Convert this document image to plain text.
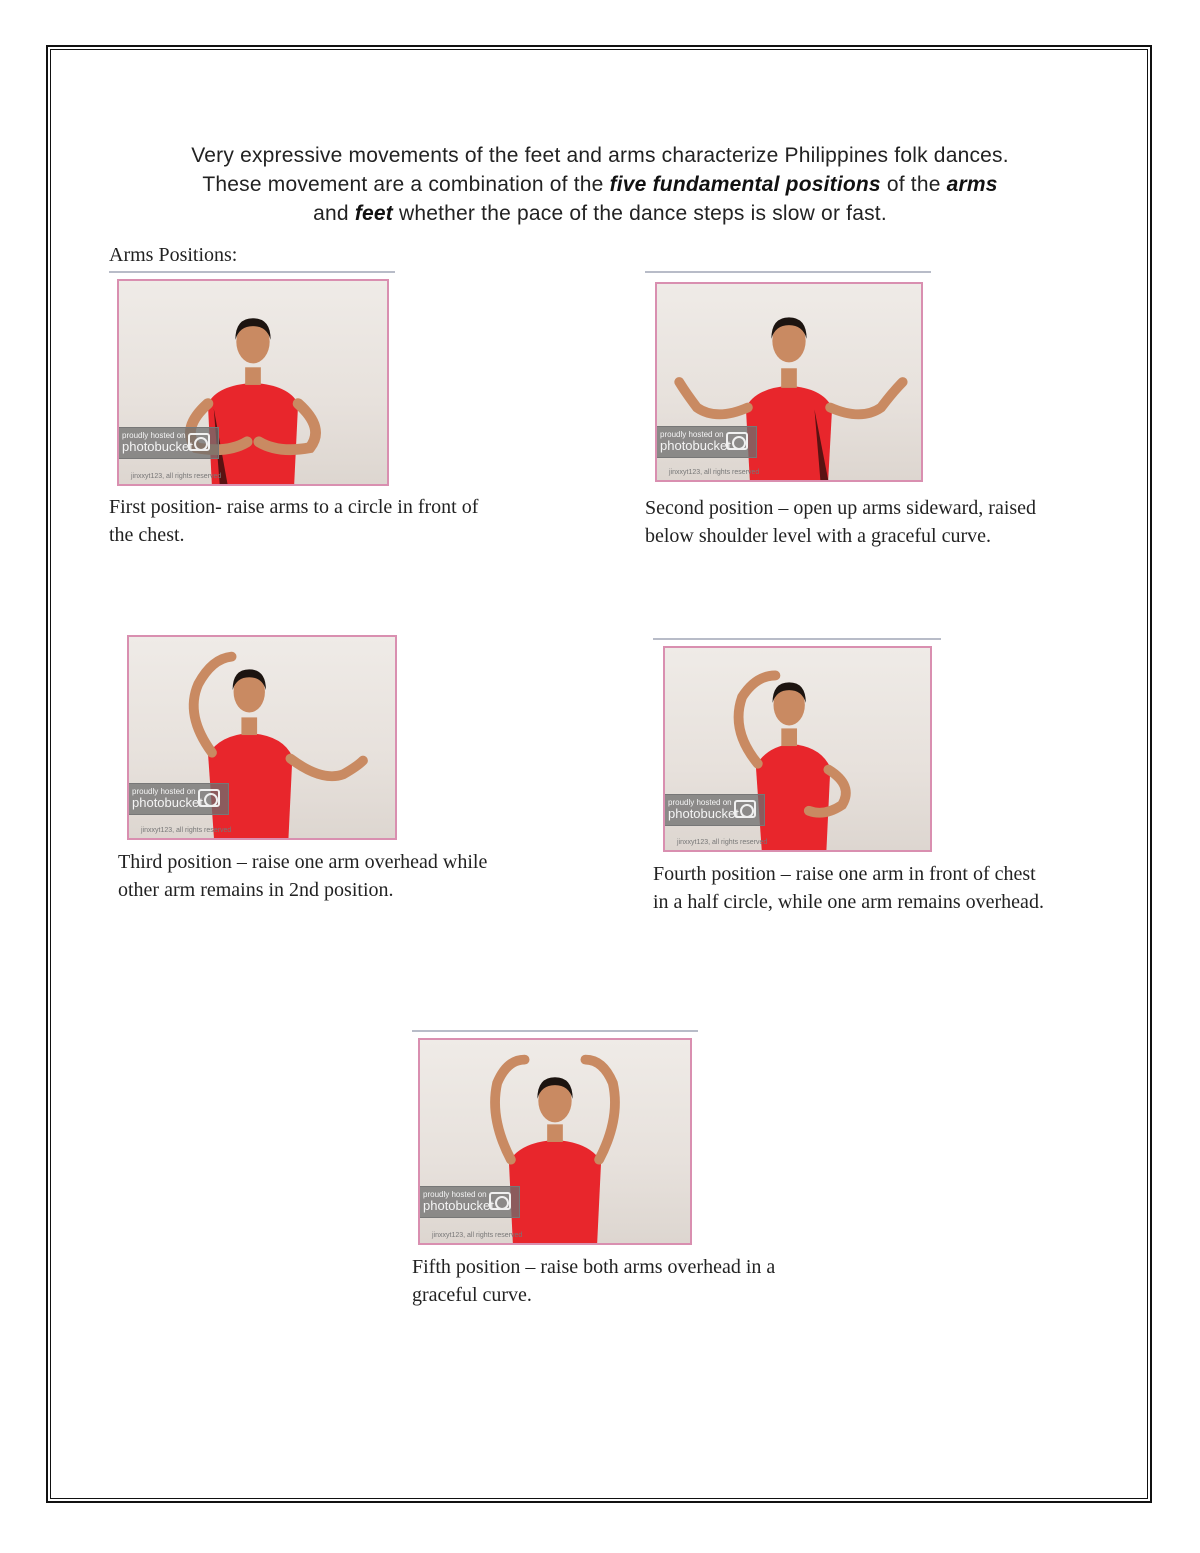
Very expressive movements of the feet and arms characterize Philippines folk dances.
These movement are a combination of the five fundamental positions of the arms
and feet whether the pace of the dance steps is slow or fast.
Arms Positions:
proudly hosted on
photobucket
jinxxyt123, all rights reserved
First position- raise arms to a circle in front of
the chest.
proudly hosted on
photobucket
jinxxyt123, all rights reserved
Second position – open up arms sideward, raised
below shoulder level with a graceful curve.
proudly hosted on
photobucket
jinxxyt123, all rights reserved
Third position – raise one arm overhead while
other arm remains in 2nd position.
proudly hosted on
photobucket
jinxxyt123, all rights reserved
Fourth position – raise one arm in front of chest
in a half circle, while one arm remains overhead.
proudly hosted on
photobucket
jinxxyt123, all rights reserved
Fifth position – raise both arms overhead in a
graceful curve.
